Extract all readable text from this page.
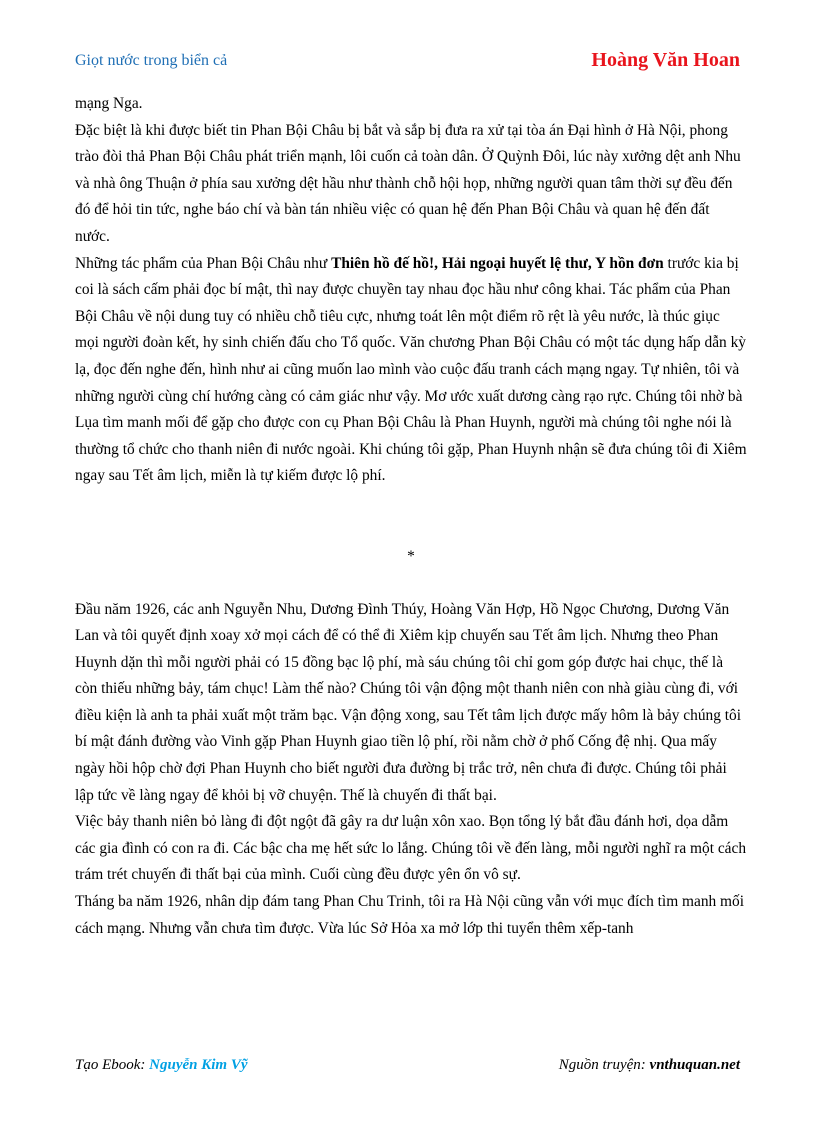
Giọt nước trong biển cả	Hoàng Văn Hoan

mạng Nga.

Đặc biệt là khi được biết tin Phan Bội Châu bị bắt và sắp bị đưa ra xử tại tòa án Đại hình ở Hà Nội, phong trào đòi thả Phan Bội Châu phát triển mạnh, lôi cuốn cả toàn dân. Ở Quỳnh Đôi, lúc này xưởng dệt anh Nhu và nhà ông Thuận ở phía sau xưởng dệt hầu như thành chỗ hội họp, những người quan tâm thời sự đều đến đó để hỏi tin tức, nghe báo chí và bàn tán nhiều việc có quan hệ đến Phan Bội Châu và quan hệ đến đất nước.

Những tác phẩm của Phan Bội Châu như Thiên hồ đế hồ!, Hải ngoại huyết lệ thư, Y hồn đơn trước kia bị coi là sách cấm phải đọc bí mật, thì nay được chuyền tay nhau đọc hầu như công khai. Tác phẩm của Phan Bội Châu về nội dung tuy có nhiều chỗ tiêu cực, nhưng toát lên một điểm rõ rệt là yêu nước, là thúc giục mọi người đoàn kết, hy sinh chiến đấu cho Tổ quốc. Văn chương Phan Bội Châu có một tác dụng hấp dẫn kỳ lạ, đọc đến nghe đến, hình như ai cũng muốn lao mình vào cuộc đấu tranh cách mạng ngay. Tự nhiên, tôi và những người cùng chí hướng càng có cảm giác như vậy. Mơ ước xuất dương càng rạo rực. Chúng tôi nhờ bà Lụa tìm manh mối để gặp cho được con cụ Phan Bội Châu là Phan Huynh, người mà chúng tôi nghe nói là thường tổ chức cho thanh niên đi nước ngoài. Khi chúng tôi gặp, Phan Huynh nhận sẽ đưa chúng tôi đi Xiêm ngay sau Tết âm lịch, miễn là tự kiếm được lộ phí.

*

Đầu năm 1926, các anh Nguyễn Nhu, Dương Đình Thúy, Hoàng Văn Hợp, Hồ Ngọc Chương, Dương Văn Lan và tôi quyết định xoay xở mọi cách để có thể đi Xiêm kịp chuyến sau Tết âm lịch. Nhưng theo Phan Huynh dặn thì mỗi người phải có 15 đồng bạc lộ phí, mà sáu chúng tôi chỉ gom góp được hai chục, thế là còn thiếu những bảy, tám chục! Làm thế nào? Chúng tôi vận động một thanh niên con nhà giàu cùng đi, với điều kiện là anh ta phải xuất một trăm bạc. Vận động xong, sau Tết tâm lịch được mấy hôm là bảy chúng tôi bí mật đánh đường vào Vinh gặp Phan Huynh giao tiền lộ phí, rồi nằm chờ ở phố Cống đệ nhị. Qua mấy ngày hồi hộp chờ đợi Phan Huynh cho biết người đưa đường bị trắc trở, nên chưa đi được. Chúng tôi phải lập tức về làng ngay để khỏi bị vỡ chuyện. Thế là chuyến đi thất bại.

Việc bảy thanh niên bỏ làng đi đột ngột đã gây ra dư luận xôn xao. Bọn tổng lý bắt đầu đánh hơi, dọa dẫm các gia đình có con ra đi. Các bậc cha mẹ hết sức lo lắng. Chúng tôi về đến làng, mỗi người nghĩ ra một cách trám trét chuyến đi thất bại của mình. Cuối cùng đều được yên ổn vô sự.

Tháng ba năm 1926, nhân dịp đám tang Phan Chu Trinh, tôi ra Hà Nội cũng vẫn với mục đích tìm manh mối cách mạng. Nhưng vẫn chưa tìm được. Vừa lúc Sở Hỏa xa mở lớp thi tuyển thêm xếp-tanh

Tạo Ebook: Nguyễn Kim Vỹ	Nguồn truyện: vnthuquan.net
